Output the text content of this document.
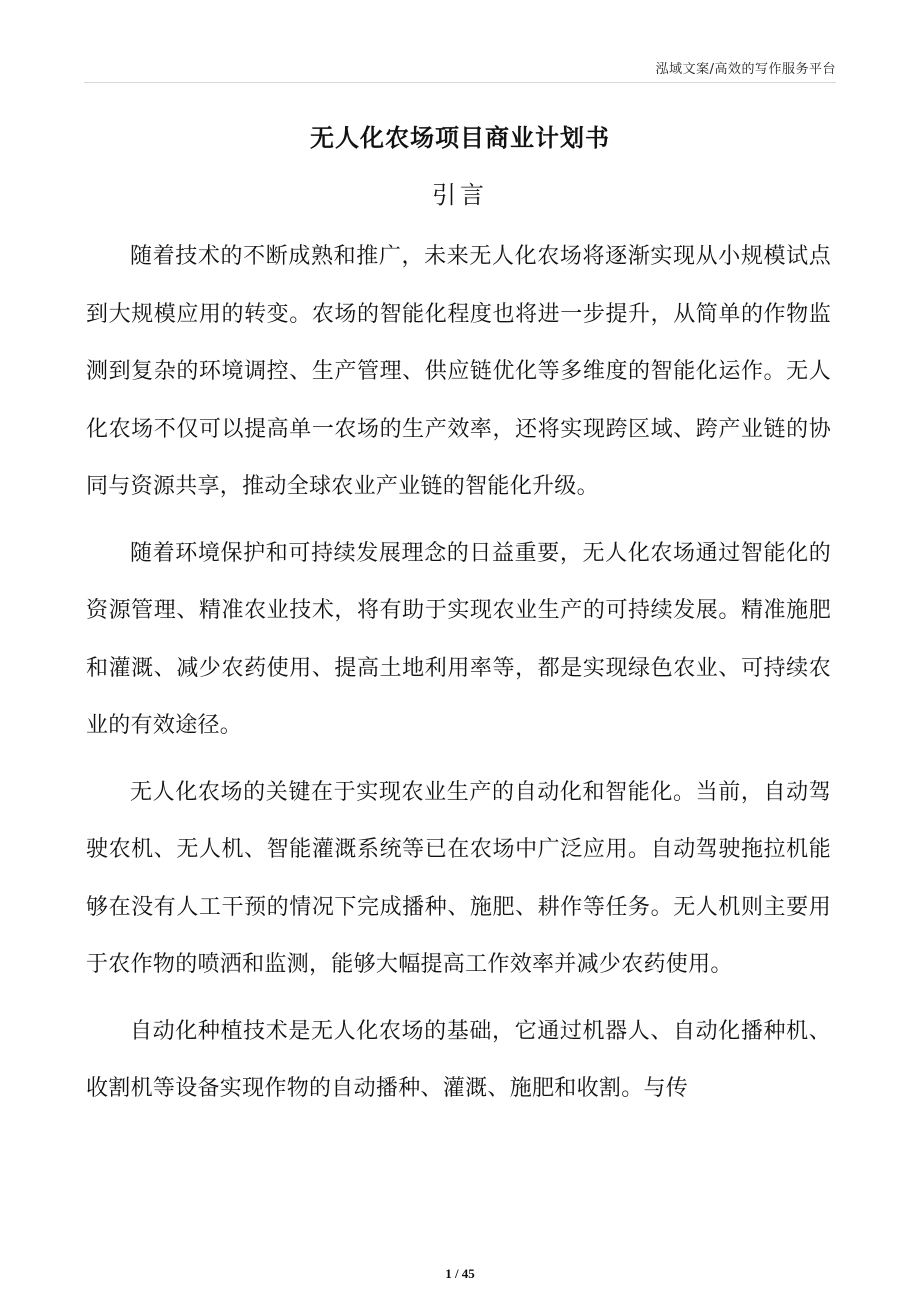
泓域文案/高效的写作服务平台
无人化农场项目商业计划书
引言

随着技术的不断成熟和推广，未来无人化农场将逐渐实现从小规模试点到大规模应用的转变。农场的智能化程度也将进一步提升，从简单的作物监测到复杂的环境调控、生产管理、供应链优化等多维度的智能化运作。无人化农场不仅可以提高单一农场的生产效率，还将实现跨区域、跨产业链的协同与资源共享，推动全球农业产业链的智能化升级。

随着环境保护和可持续发展理念的日益重要，无人化农场通过智能化的资源管理、精准农业技术，将有助于实现农业生产的可持续发展。精准施肥和灌溉、减少农药使用、提高土地利用率等，都是实现绿色农业、可持续农业的有效途径。

无人化农场的关键在于实现农业生产的自动化和智能化。当前，自动驾驶农机、无人机、智能灌溉系统等已在农场中广泛应用。自动驾驶拖拉机能够在没有人工干预的情况下完成播种、施肥、耕作等任务。无人机则主要用于农作物的喷洒和监测，能够大幅提高工作效率并减少农药使用。

自动化种植技术是无人化农场的基础，它通过机器人、自动化播种机、收割机等设备实现作物的自动播种、灌溉、施肥和收割。与传

1 / 45
